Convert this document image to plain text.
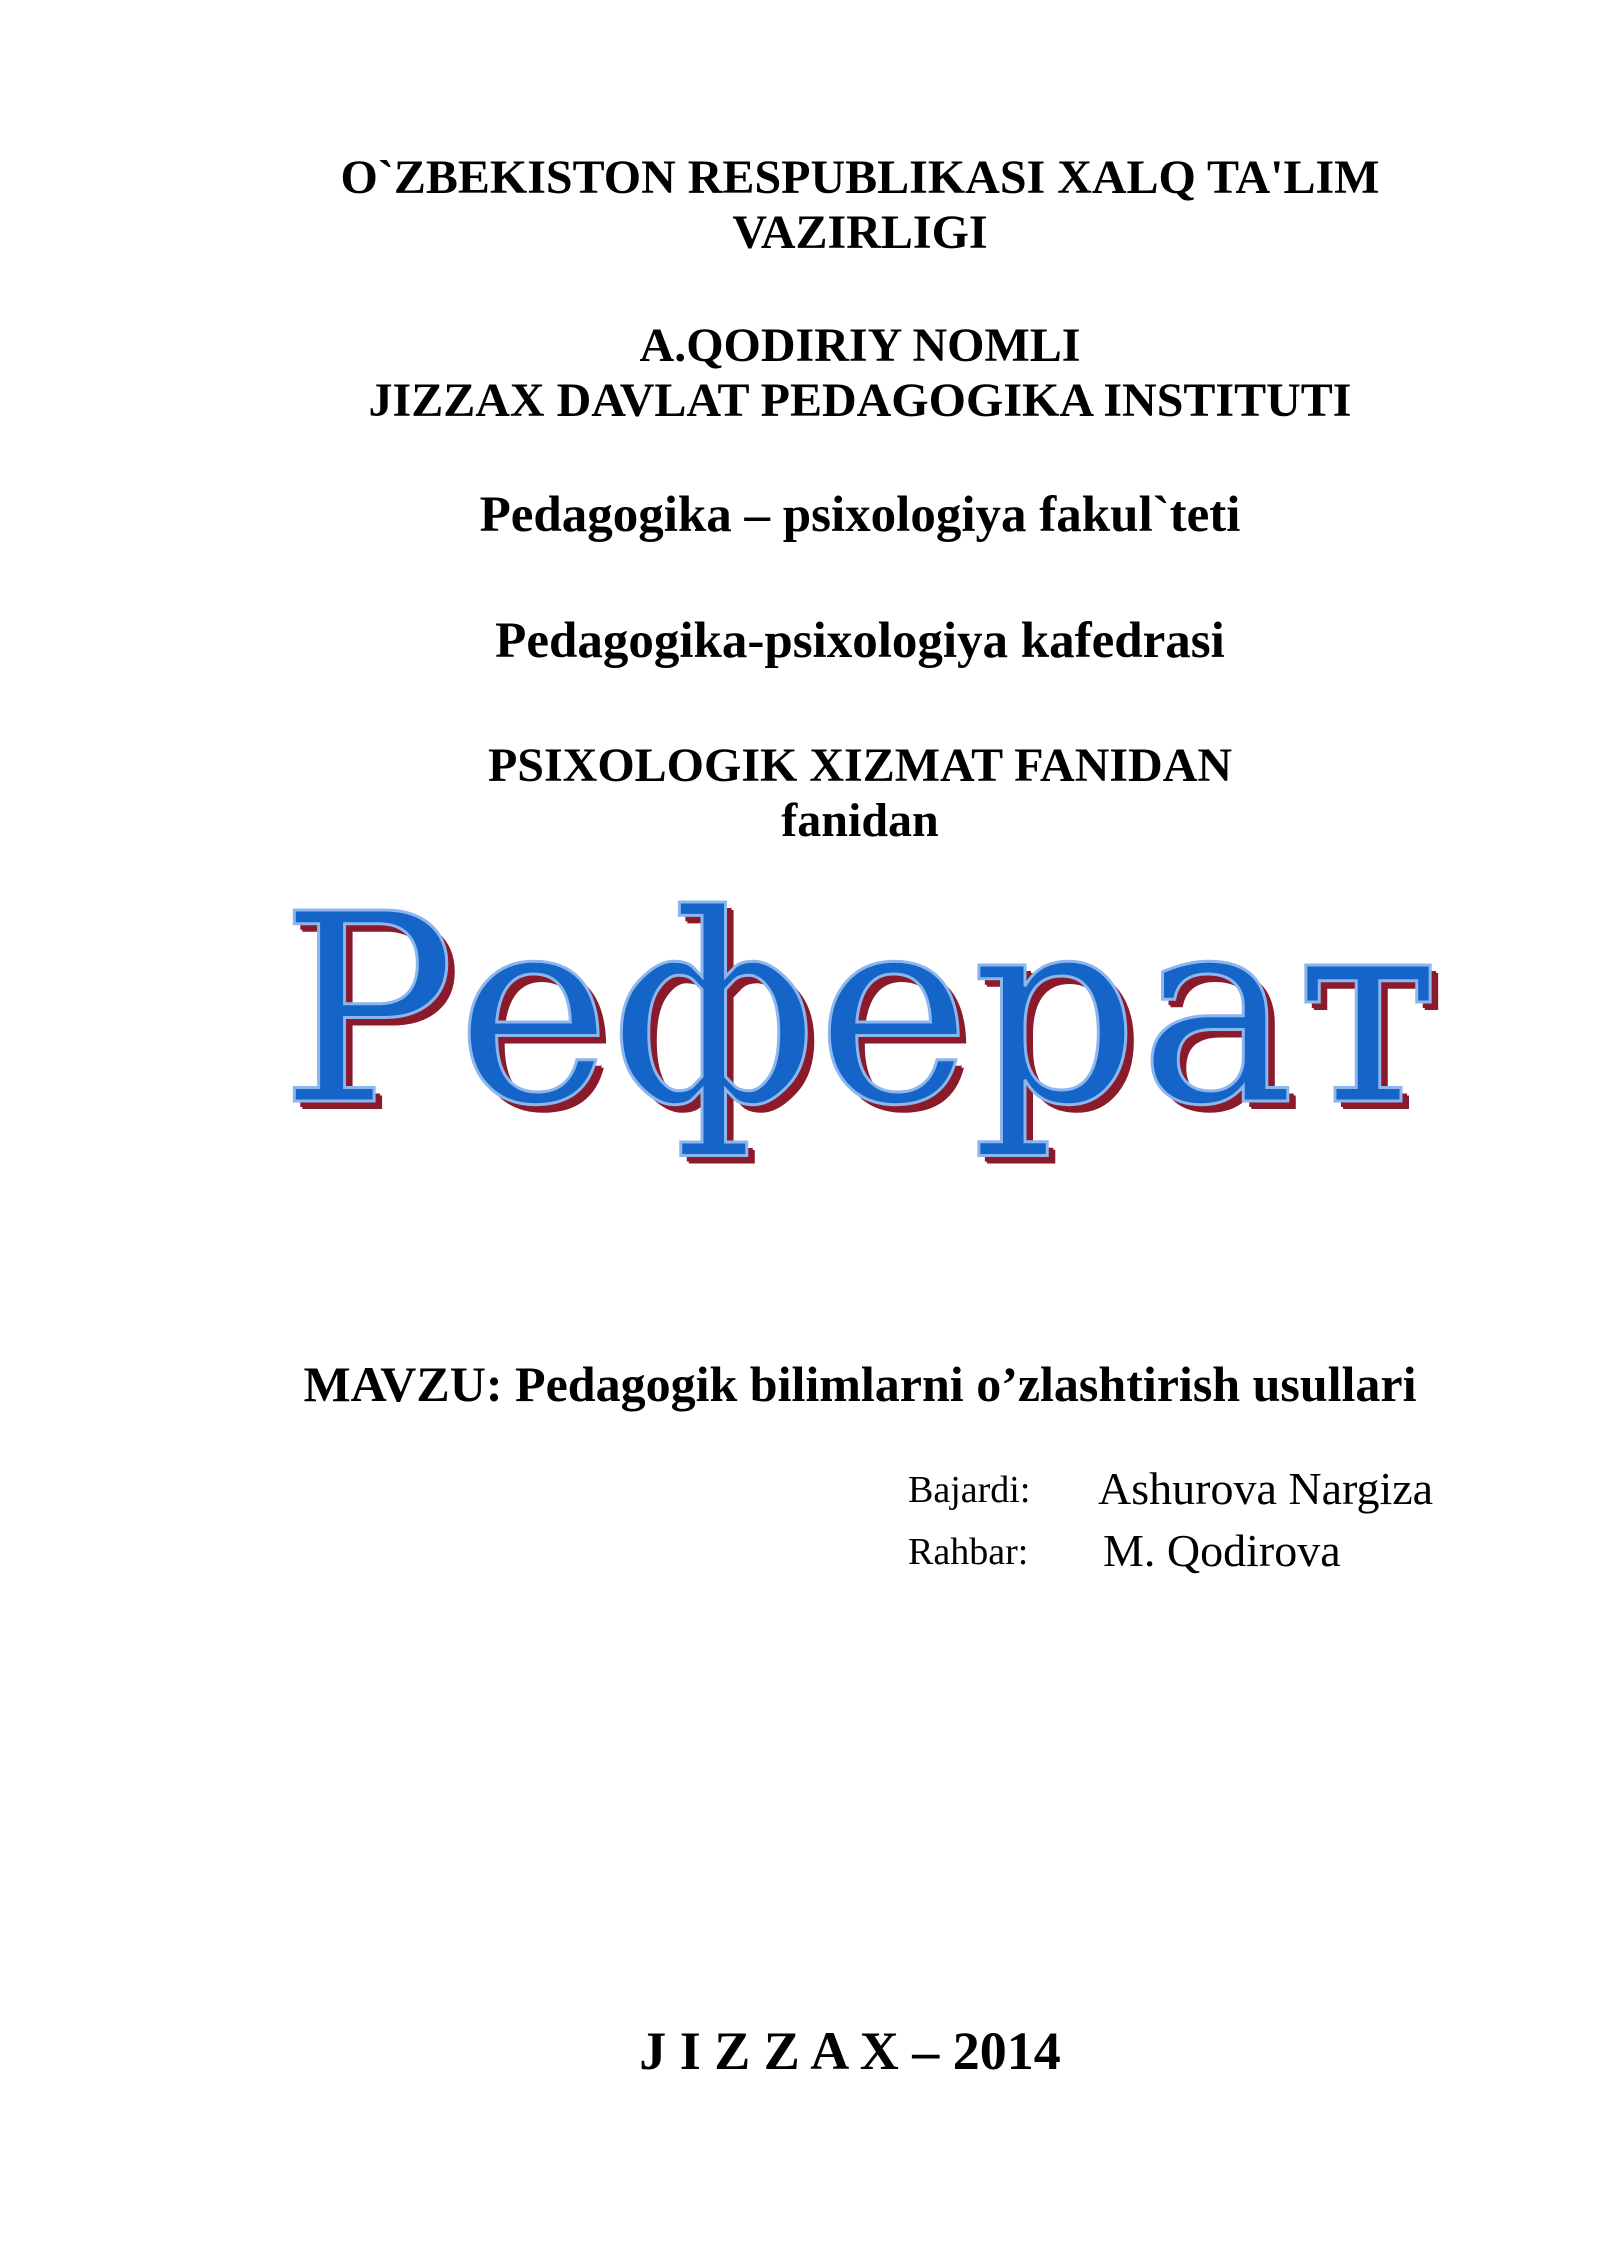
O`ZBEKISTON RESPUBLIKASI XALQ TA'LIM
VAZIRLIGI
A.QODIRIY NOMLI
JIZZAX DAVLAT PEDAGOGIKA INSTITUTI
Pedagogika – psixologiya fakul`teti
Pedagogika-psixologiya kafedrasi
PSIXOLOGIK XIZMAT FANIDAN
fanidan
Реферат
MAVZU: Pedagogik bilimlarni o’zlashtirish usullari
Bajardi: Ashurova Nargiza
Rahbar: M. Qodirova
J I Z Z A X – 2014
